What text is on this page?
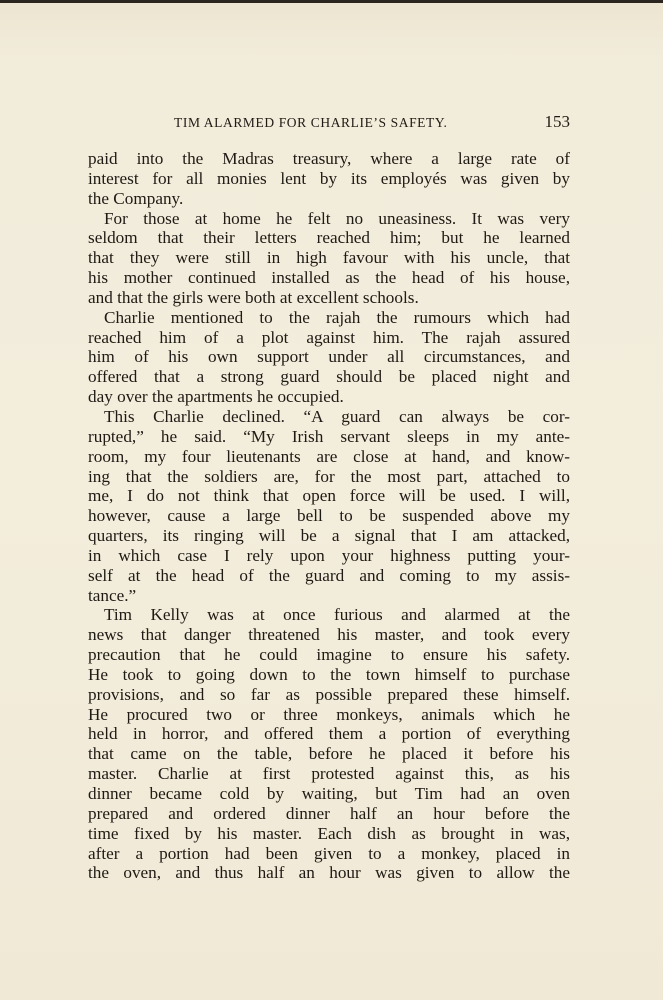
TIM ALARMED FOR CHARLIE’S SAFETY.	153
paid into the Madras treasury, where a large rate of
interest for all monies lent by its employés was given by
the Company.
For those at home he felt no uneasiness. It was very
seldom that their letters reached him; but he learned
that they were still in high favour with his uncle, that
his mother continued installed as the head of his house,
and that the girls were both at excellent schools.
Charlie mentioned to the rajah the rumours which had
reached him of a plot against him. The rajah assured
him of his own support under all circumstances, and
offered that a strong guard should be placed night and
day over the apartments he occupied.
This Charlie declined. “A guard can always be cor-
rupted,” he said. “My Irish servant sleeps in my ante-
room, my four lieutenants are close at hand, and know-
ing that the soldiers are, for the most part, attached to
me, I do not think that open force will be used. I will,
however, cause a large bell to be suspended above my
quarters, its ringing will be a signal that I am attacked,
in which case I rely upon your highness putting your-
self at the head of the guard and coming to my assis-
tance.”
Tim Kelly was at once furious and alarmed at the
news that danger threatened his master, and took every
precaution that he could imagine to ensure his safety.
He took to going down to the town himself to purchase
provisions, and so far as possible prepared these himself.
He procured two or three monkeys, animals which he
held in horror, and offered them a portion of everything
that came on the table, before he placed it before his
master. Charlie at first protested against this, as his
dinner became cold by waiting, but Tim had an oven
prepared and ordered dinner half an hour before the
time fixed by his master. Each dish as brought in was,
after a portion had been given to a monkey, placed in
the oven, and thus half an hour was given to allow the
